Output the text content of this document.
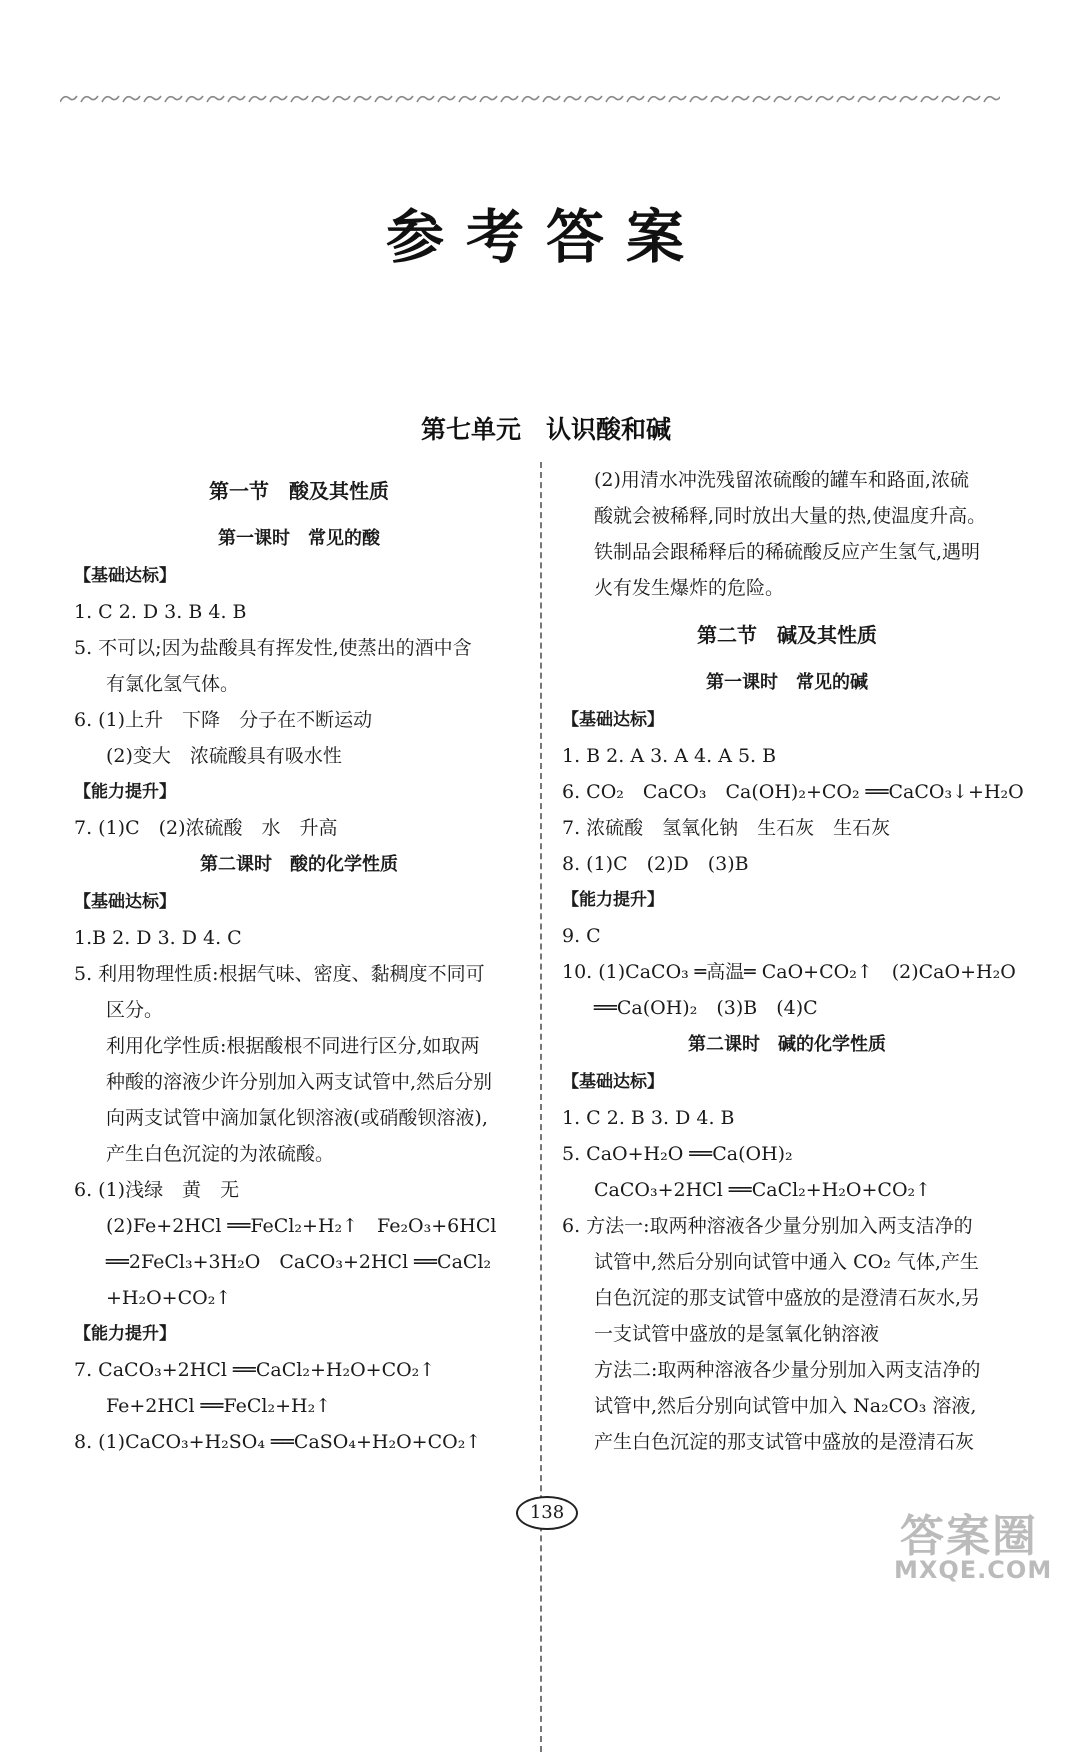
参考答案
第七单元　认识酸和碱
第一节　酸及其性质
第一课时　常见的酸
【基础达标】
1. C 2. D 3. B 4. B
5. 不可以;因为盐酸具有挥发性,使蒸出的酒中含
有氯化氢气体。
6. (1)上升　下降　分子在不断运动
(2)变大　浓硫酸具有吸水性
【能力提升】
7. (1)C　(2)浓硫酸　水　升高
第二课时　酸的化学性质
【基础达标】
1.B 2. D 3. D 4. C
5. 利用物理性质:根据气味、密度、黏稠度不同可
区分。
利用化学性质:根据酸根不同进行区分,如取两
种酸的溶液少许分别加入两支试管中,然后分别
向两支试管中滴加氯化钡溶液(或硝酸钡溶液),
产生白色沉淀的为浓硫酸。
6. (1)浅绿　黄　无
(2)Fe+2HCl ══FeCl₂+H₂↑　Fe₂O₃+6HCl
══2FeCl₃+3H₂O　CaCO₃+2HCl ══CaCl₂
+H₂O+CO₂↑
【能力提升】
7. CaCO₃+2HCl ══CaCl₂+H₂O+CO₂↑
Fe+2HCl ══FeCl₂+H₂↑
8. (1)CaCO₃+H₂SO₄ ══CaSO₄+H₂O+CO₂↑
(2)用清水冲洗残留浓硫酸的罐车和路面,浓硫
酸就会被稀释,同时放出大量的热,使温度升高。
铁制品会跟稀释后的稀硫酸反应产生氢气,遇明
火有发生爆炸的危险。
第二节　碱及其性质
第一课时　常见的碱
【基础达标】
1. B 2. A 3. A 4. A 5. B
6. CO₂　CaCO₃　Ca(OH)₂+CO₂ ══CaCO₃↓+H₂O
7. 浓硫酸　氢氧化钠　生石灰　生石灰
8. (1)C　(2)D　(3)B
【能力提升】
9. C
10. (1)CaCO₃ ═高温═ CaO+CO₂↑　(2)CaO+H₂O
══Ca(OH)₂　(3)B　(4)C
第二课时　碱的化学性质
【基础达标】
1. C 2. B 3. D 4. B
5. CaO+H₂O ══Ca(OH)₂
CaCO₃+2HCl ══CaCl₂+H₂O+CO₂↑
6. 方法一:取两种溶液各少量分别加入两支洁净的
试管中,然后分别向试管中通入 CO₂ 气体,产生
白色沉淀的那支试管中盛放的是澄清石灰水,另
一支试管中盛放的是氢氧化钠溶液
方法二:取两种溶液各少量分别加入两支洁净的
试管中,然后分别向试管中加入 Na₂CO₃ 溶液,
产生白色沉淀的那支试管中盛放的是澄清石灰
138	答案圈
MXQE.COM
